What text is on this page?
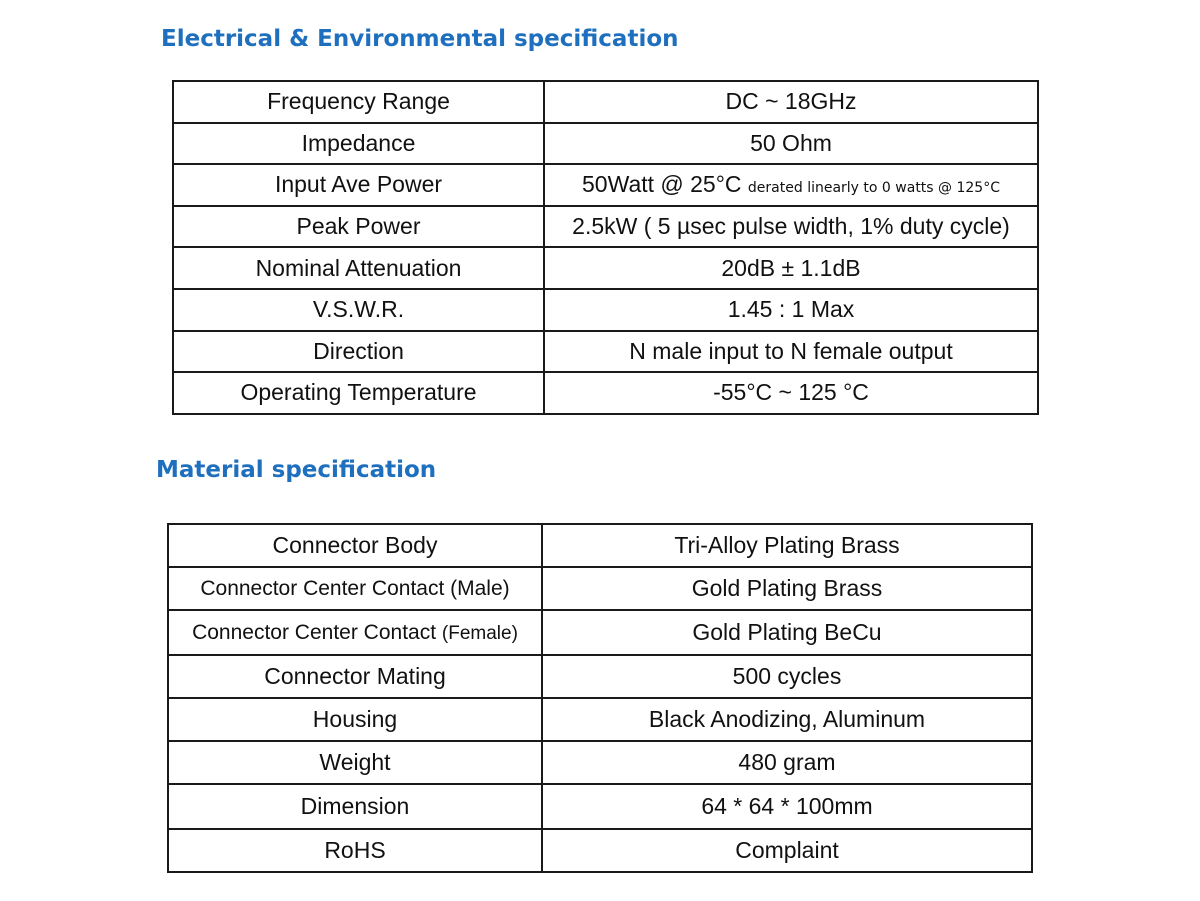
Electrical & Environmental specification
Frequency Range	DC ~ 18GHz
Impedance	50 Ohm
Input Ave Power	50Watt @ 25°C derated linearly to 0 watts @ 125°C
Peak Power	2.5kW ( 5 µsec pulse width, 1% duty cycle)
Nominal Attenuation	20dB ± 1.1dB
V.S.W.R.	1.45 : 1 Max
Direction	N male input to N female output
Operating Temperature	-55°C ~ 125 °C
Material specification
Connector Body	Tri-Alloy Plating Brass
Connector Center Contact (Male)	Gold Plating Brass
Connector Center Contact (Female)	Gold Plating BeCu
Connector Mating	500 cycles
Housing	Black Anodizing, Aluminum
Weight	480 gram
Dimension	64 * 64 * 100mm
RoHS	Complaint
